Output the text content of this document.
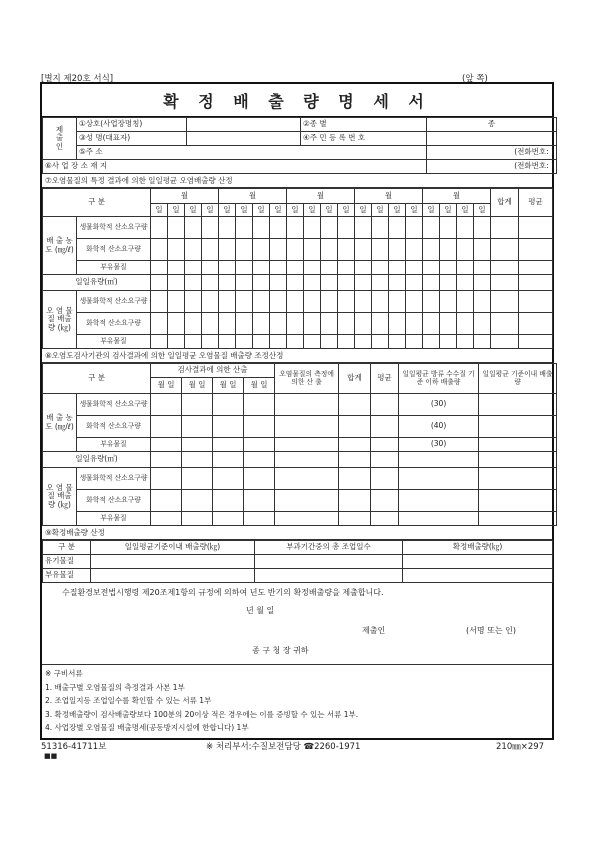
[별지 제20호 서식]	(앞 쪽)
확 정 배 출 량 명 세 서
제
출
인	①상호(사업장명칭)		②종 별	종
	③성 명(대표자)		④주 민 등 록 번 호	
	⑤주 소			(전화번호: )
⑥사 업 장 소 재 지				(전화번호: )
⑦오염물질의 특정 결과에 의한 일일평균 오염배출량 산정
구 분		월				월				월				월				월				합계	평균
		일	일	일	일	일	일	일	일	일	일	일	일	일	일	일	일	일	일	일	일		
배 출 농 도 (㎎/ℓ)	생물화학적 산소요구량																						
	화학적 산소요구량																						
	부유물질																						
일일유량(㎥)																							
오 염 물 질 배출량 (㎏)	생물화학적 산소요구량																						
	화학적 산소요구량																						
	부유물질																						
⑧오염도검사기관의 검사결과에 의한 일일평균 오염물질 배출량 조정산정
구 분		검사결과에 의한 산출				오염물질의 측정에 의한 산 출	합계	평균	일일평균 방류 수수질 기준 이하 배출량	일일평균 기준이내 배출량
		월 일	월 일	월 일	월 일					
배 출 농 도 (㎎/ℓ)	생물화학적 산소요구량								(30)	
	화학적 산소요구량								(40)	
	부유물질								(30)	
일일유량(㎥)										
오 염 물 질 배출량 (㎏)	생물화학적 산소요구량									
	화학적 산소요구량									
	부유물질									
⑨확정배출량 산정
구 분	일일평균기준이내 배출량(㎏)	부과기간중의 총 조업일수	확정배출량(㎏)
유기물질			
부유물질			
수질환경보전법시행령 제20조제1항의 규정에 의하여 년도 반기의 확정배출량을 제출합니다.
년 월 일
제출인	(서명 또는 인)
종 구 청 장 귀하
※ 구비서류
1. 배출구별 오염물질의 측정결과 사본 1부
2. 조업일지등 조업일수를 확인할 수 있는 서류 1부
3. 확정배출량이 검사배출량보다 100분의 20이상 적은 경우에는 이를 증빙할 수 있는 서류 1부.
4. 사업장별 오염물질 배출명세(공동방지시설에 한합니다) 1부
51316-41711보	※ 처리부서:수질보전담당 ☎2260-1971	210㎜×297
■■
